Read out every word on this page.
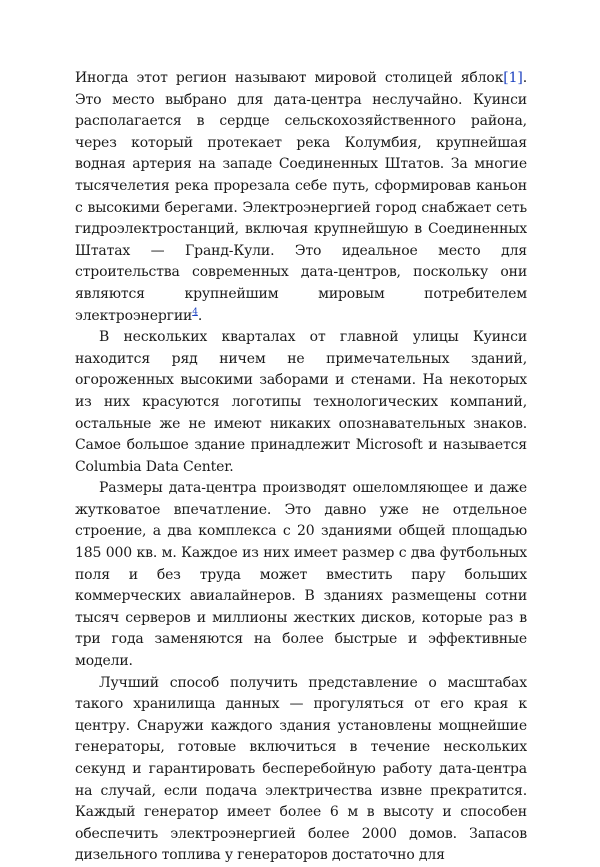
Иногда этот регион называют мировой столицей яблок[1]. Это место выбрано для дата-центра неслучайно. Куинси располагается в сердце сельскохозяйственного района, через который протекает река Колумбия, крупнейшая водная артерия на западе Соединенных Штатов. За многие тысячелетия река прорезала себе путь, сформировав каньон с высокими берегами. Электроэнергией город снабжает сеть гидроэлектростанций, включая крупнейшую в Соединенных Штатах — Гранд-Кули. Это идеальное место для строительства современных дата-центров, поскольку они являются крупнейшим мировым потребителем электроэнергии$^4$.

В нескольких кварталах от главной улицы Куинси находится ряд ничем не примечательных зданий, огороженных высокими заборами и стенами. На некоторых из них красуются логотипы технологических компаний, остальные же не имеют никаких опознавательных знаков. Самое большое здание принадлежит Microsoft и называется Columbia Data Center.

Размеры дата-центра производят ошеломляющее и даже жутковатое впечатление. Это давно уже не отдельное строение, а два комплекса с 20 зданиями общей площадью 185 000 кв. м. Каждое из них имеет размер с два футбольных поля и без труда может вместить пару больших коммерческих авиалайнеров. В зданиях размещены сотни тысяч серверов и миллионы жестких дисков, которые раз в три года заменяются на более быстрые и эффективные модели.

Лучший способ получить представление о масштабах такого хранилища данных — прогуляться от его края к центру. Снаружи каждого здания установлены мощнейшие генераторы, готовые включиться в течение нескольких секунд и гарантировать бесперебойную работу дата-центра на случай, если подача электричества извне прекратится. Каждый генератор имеет более 6 м в высоту и способен обеспечить электроэнергией более 2000 домов. Запасов дизельного топлива у генераторов достаточно для
